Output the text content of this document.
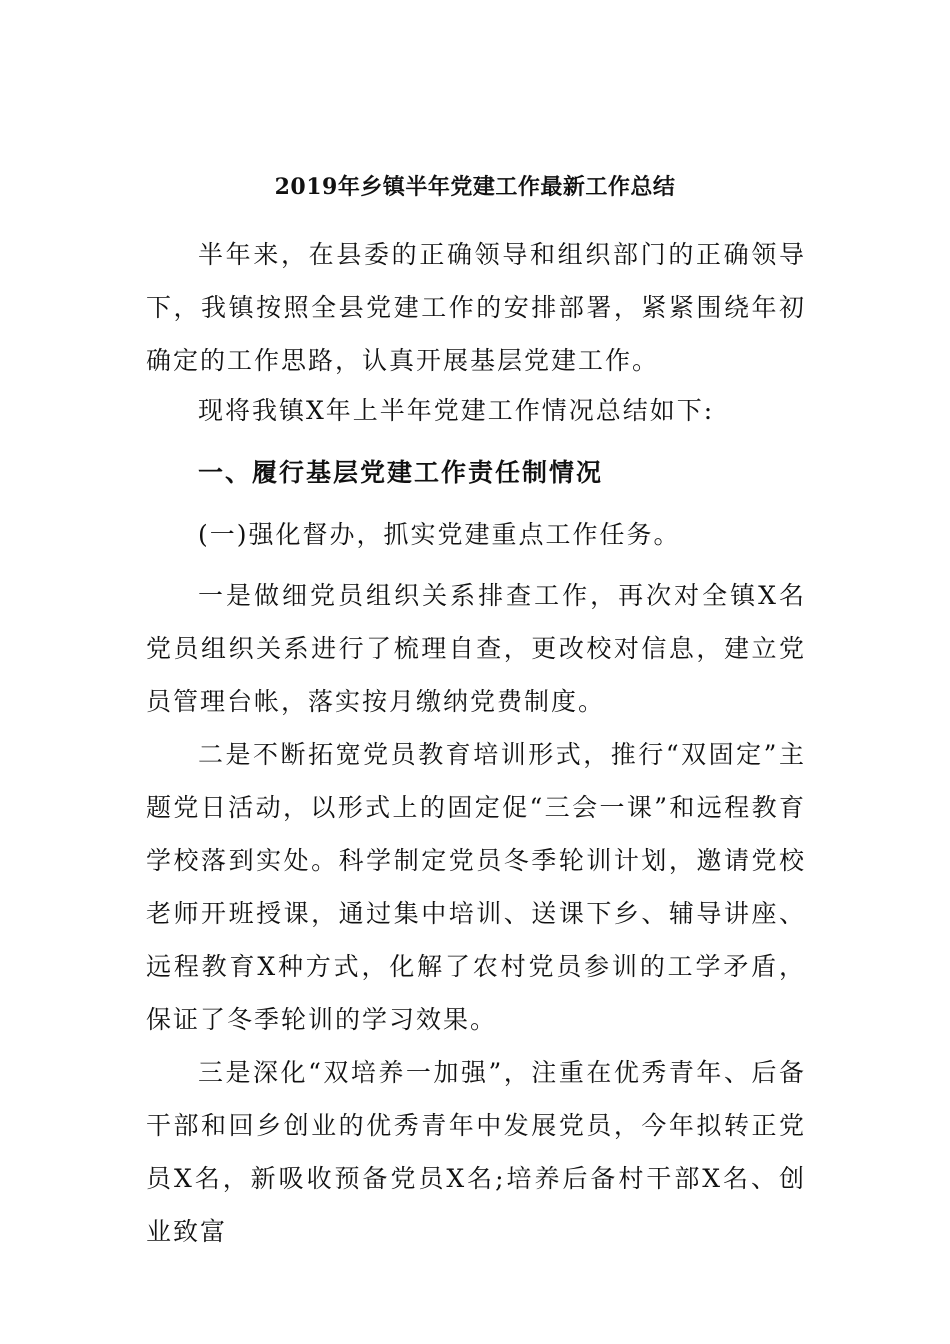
2019年乡镇半年党建工作最新工作总结

半年来，在县委的正确领导和组织部门的正确领导下，我镇按照全县党建工作的安排部署，紧紧围绕年初确定的工作思路，认真开展基层党建工作。

现将我镇X年上半年党建工作情况总结如下:

一、履行基层党建工作责任制情况

(一)强化督办，抓实党建重点工作任务。

一是做细党员组织关系排查工作，再次对全镇X名党员组织关系进行了梳理自查，更改校对信息，建立党员管理台帐，落实按月缴纳党费制度。

二是不断拓宽党员教育培训形式，推行“双固定”主题党日活动，以形式上的固定促“三会一课”和远程教育学校落到实处。科学制定党员冬季轮训计划，邀请党校老师开班授课，通过集中培训、送课下乡、辅导讲座、远程教育X种方式，化解了农村党员参训的工学矛盾，保证了冬季轮训的学习效果。

三是深化“双培养一加强”，注重在优秀青年、后备干部和回乡创业的优秀青年中发展党员，今年拟转正党员X名，新吸收预备党员X名;培养后备村干部X名、创业致富
